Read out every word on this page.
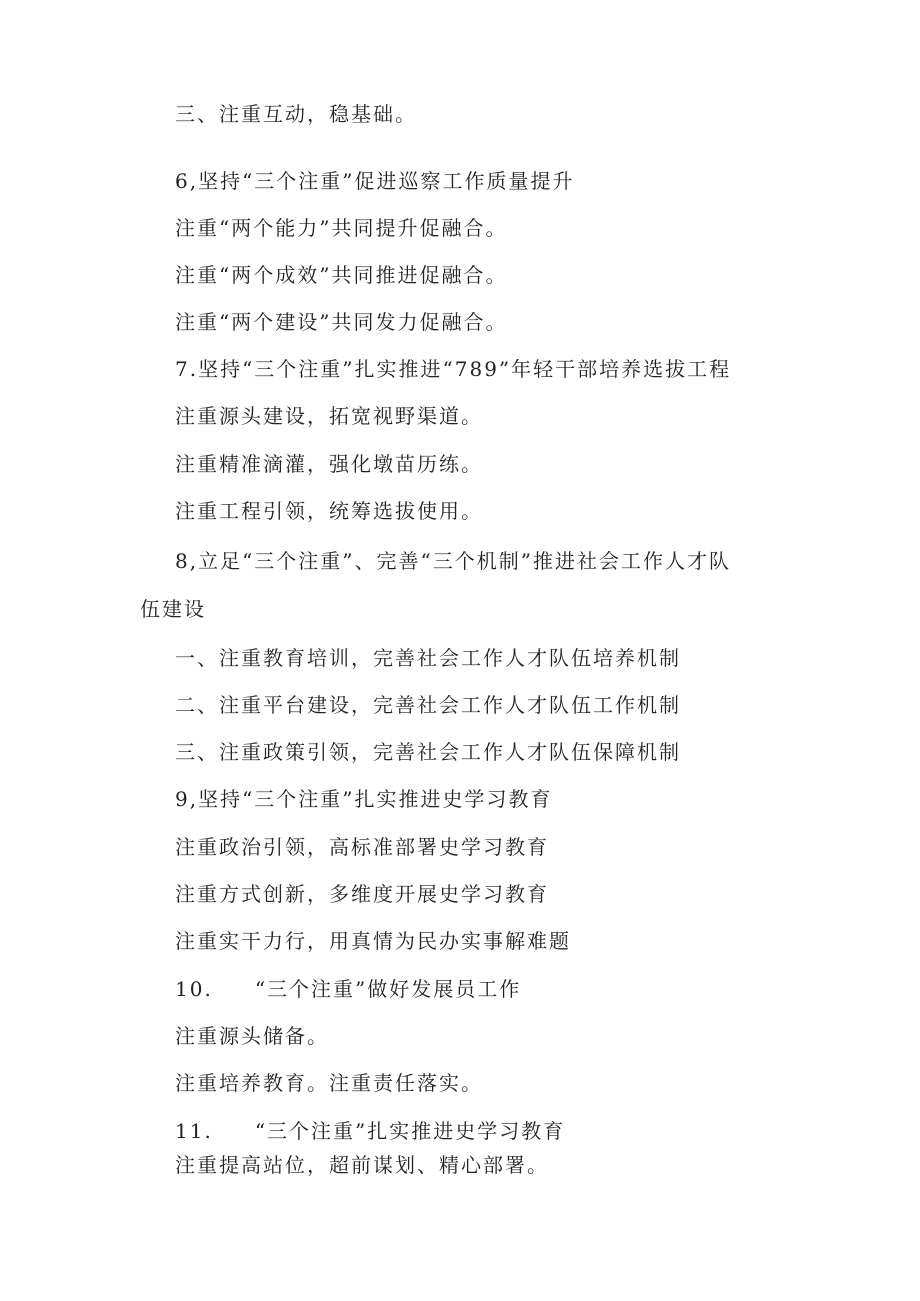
三、注重互动，稳基础。
6,坚持“三个注重”促进巡察工作质量提升
注重“两个能力”共同提升促融合。
注重“两个成效”共同推进促融合。
注重“两个建设”共同发力促融合。
7.坚持“三个注重”扎实推进“789”年轻干部培养选拔工程
注重源头建设，拓宽视野渠道。
注重精准滴灌，强化墩苗历练。
注重工程引领，统筹选拔使用。
8,立足“三个注重”、完善“三个机制”推进社会工作人才队
伍建设
一、注重教育培训，完善社会工作人才队伍培养机制
二、注重平台建设，完善社会工作人才队伍工作机制
三、注重政策引领，完善社会工作人才队伍保障机制
9,坚持“三个注重”扎实推进史学习教育
注重政治引领，高标准部署史学习教育
注重方式创新，多维度开展史学习教育
注重实干力行，用真情为民办实事解难题
10. “三个注重”做好发展员工作
注重源头储备。
注重培养教育。注重责任落实。
11. “三个注重”扎实推进史学习教育
注重提高站位，超前谋划、精心部署。
